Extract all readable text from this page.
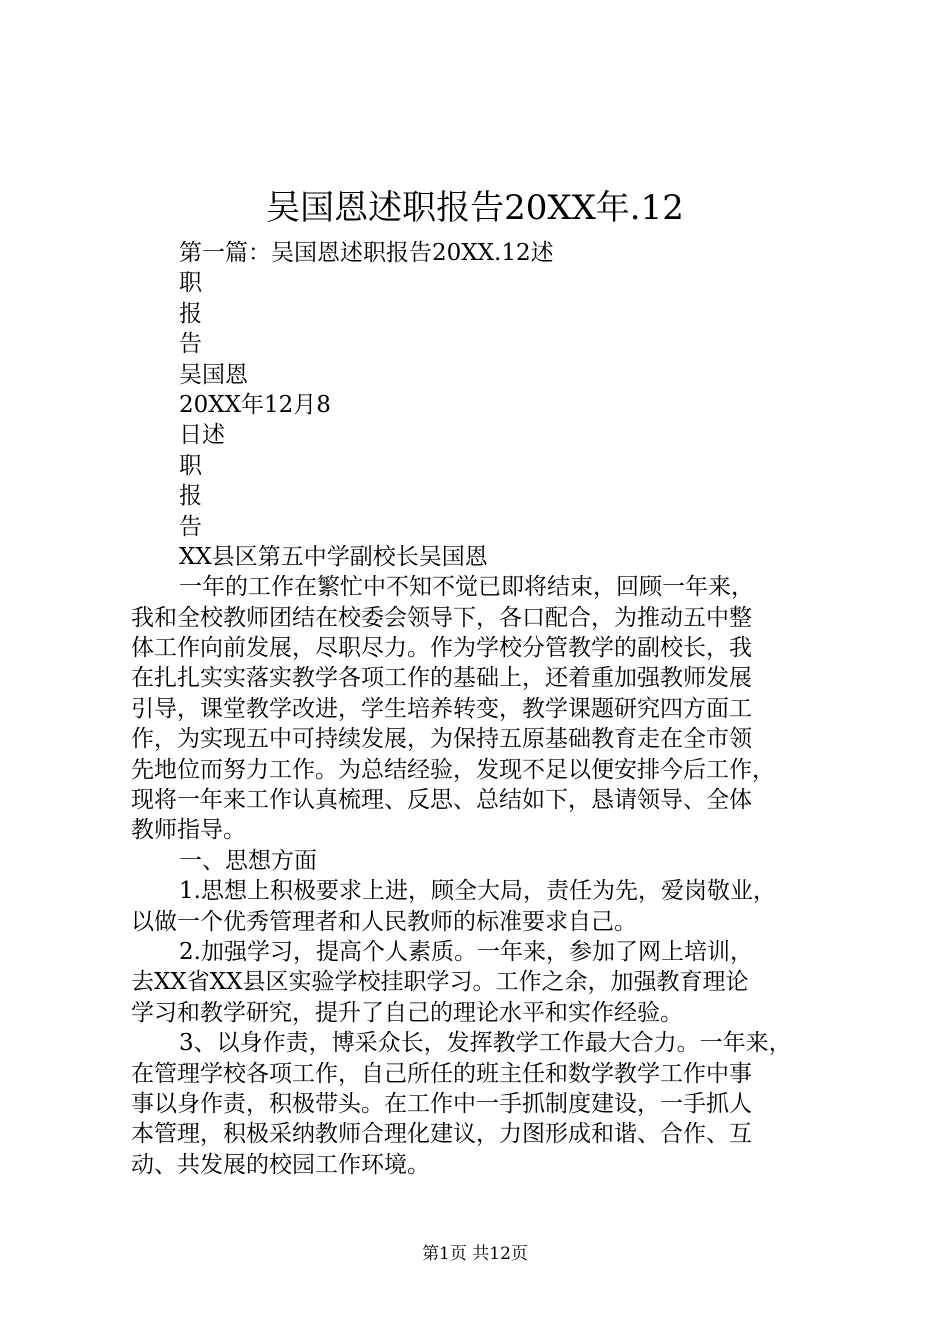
吴国恩述职报告20XX年.12
第一篇：吴国恩述职报告20XX.12述
职
报
告
吴国恩
20XX年12月8
日述
职
报
告
XX县区第五中学副校长吴国恩
一年的工作在繁忙中不知不觉已即将结束，回顾一年来，
我和全校教师团结在校委会领导下，各口配合，为推动五中整
体工作向前发展，尽职尽力。作为学校分管教学的副校长，我
在扎扎实实落实教学各项工作的基础上，还着重加强教师发展
引导，课堂教学改进，学生培养转变，教学课题研究四方面工
作，为实现五中可持续发展，为保持五原基础教育走在全市领
先地位而努力工作。为总结经验，发现不足以便安排今后工作，
现将一年来工作认真梳理、反思、总结如下，恳请领导、全体
教师指导。
一、思想方面
1.思想上积极要求上进，顾全大局，责任为先，爱岗敬业，
以做一个优秀管理者和人民教师的标准要求自己。
2.加强学习，提高个人素质。一年来，参加了网上培训，
去XX省XX县区实验学校挂职学习。工作之余，加强教育理论
学习和教学研究，提升了自己的理论水平和实作经验。
3、以身作责，博采众长，发挥教学工作最大合力。一年来，
在管理学校各项工作，自己所任的班主任和数学教学工作中事
事以身作责，积极带头。在工作中一手抓制度建设，一手抓人
本管理，积极采纳教师合理化建议，力图形成和谐、合作、互
动、共发展的校园工作环境。
第1页 共12页
